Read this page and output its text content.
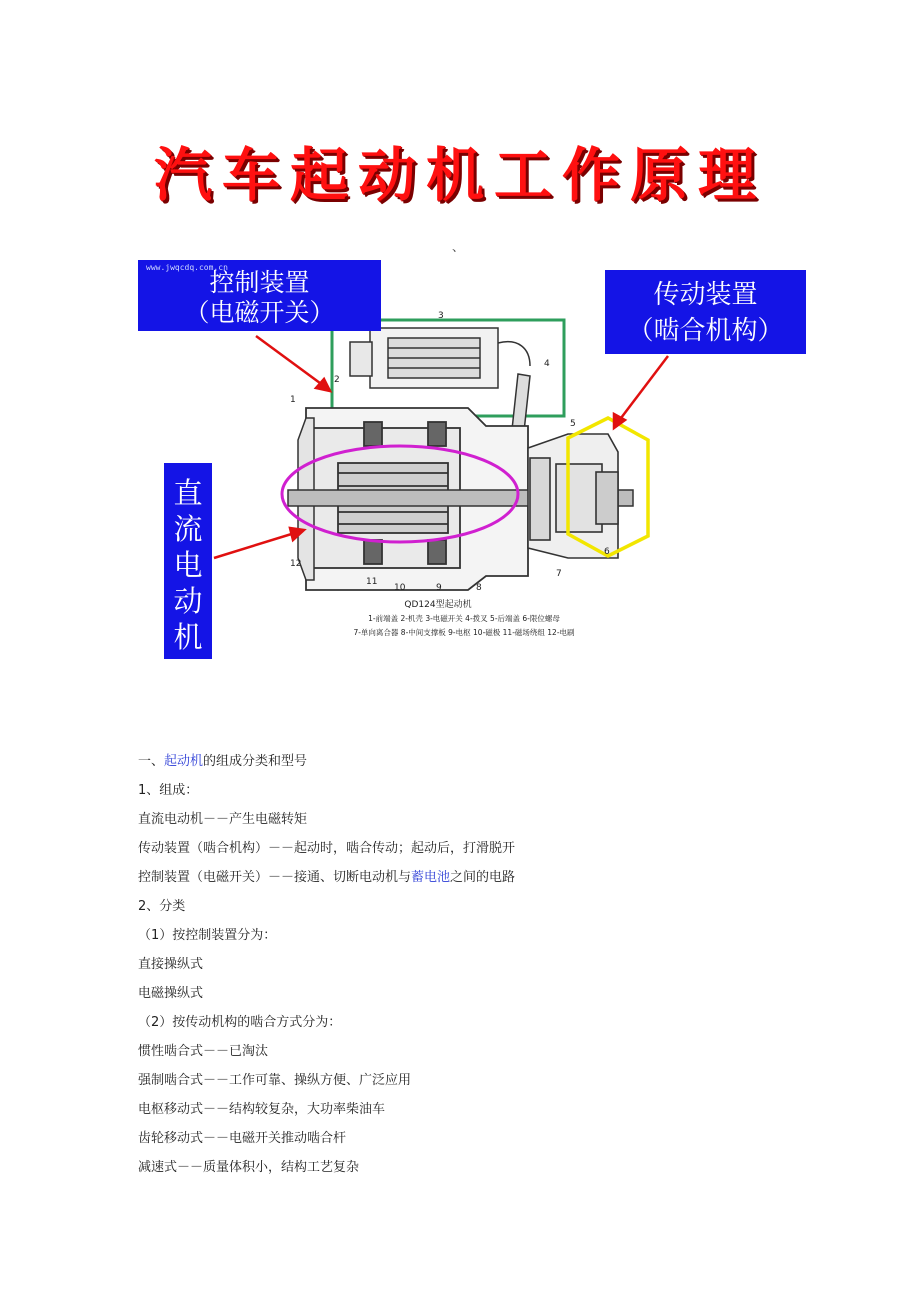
汽车起动机工作原理
、
1
2
3
4
5
6
7
8
9
10
11
12
QD124型起动机
1-前端盖 2-机壳 3-电磁开关 4-拨叉 5-后端盖 6-限位螺母
7-单向离合器 8-中间支撑板 9-电枢 10-磁极 11-磁场绕组 12-电刷
www.jwqcdq.com.cn
控制装置
（电磁开关）
传动装置
（啮合机构）
直
流
电
动
机
一、起动机的组成分类和型号
1、组成：
直流电动机－－产生电磁转矩
传动装置（啮合机构）－－起动时，啮合传动；起动后，打滑脱开
控制装置（电磁开关）－－接通、切断电动机与蓄电池之间的电路
2、分类
（1）按控制装置分为：
直接操纵式
电磁操纵式
（2）按传动机构的啮合方式分为：
惯性啮合式－－已淘汰
强制啮合式－－工作可靠、操纵方便、广泛应用
电枢移动式－－结构较复杂，大功率柴油车
齿轮移动式－－电磁开关推动啮合杆
减速式－－质量体积小，结构工艺复杂
